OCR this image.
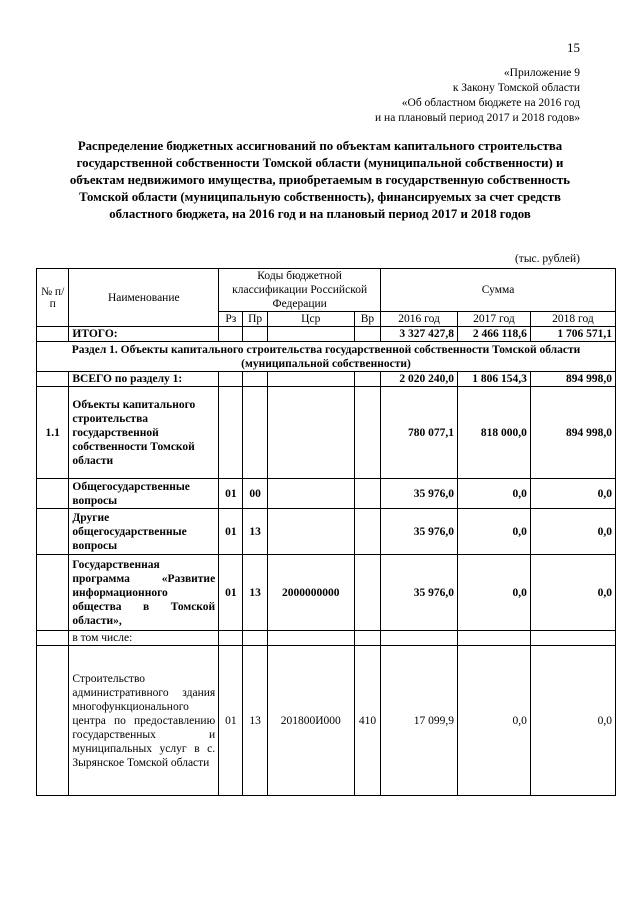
15
«Приложение 9
к Закону Томской области
«Об областном бюджете на 2016 год
и на плановый период 2017 и 2018 годов»
Распределение бюджетных ассигнований по объектам капитального строительства государственной собственности Томской области (муниципальной собственности) и объектам недвижимого имущества, приобретаемым в государственную собственность Томской области (муниципальную собственность), финансируемых за счет средств областного бюджета, на 2016 год и на плановый период 2017 и 2018 годов
(тыс. рублей)
№ п/п	Наименование	Коды бюджетной классификации Российской Федерации				Сумма		
		Рз	Пр	Цср	Вр	2016 год	2017 год	2018 год
	ИТОГО:					3 327 427,8	2 466 118,6	1 706 571,1
Раздел 1. Объекты капитального строительства государственной собственности Томской области (муниципальной собственности)								
	ВСЕГО по разделу 1:					2 020 240,0	1 806 154,3	894 998,0
1.1	Объекты капитального строительства государственной собственности Томской области					780 077,1	818 000,0	894 998,0
	Общегосударственные вопросы	01	00			35 976,0	0,0	0,0
	Другие общегосударственные вопросы	01	13			35 976,0	0,0	0,0
	Государственная программа «Развитие информационного общества в Томской области»,	01	13	2000000000		35 976,0	0,0	0,0
	в том числе:							
	Строительство административного здания многофункционального центра по предоставлению государственных и муниципальных услуг в с. Зырянское Томской области	01	13	201800И000	410	17 099,9	0,0	0,0
